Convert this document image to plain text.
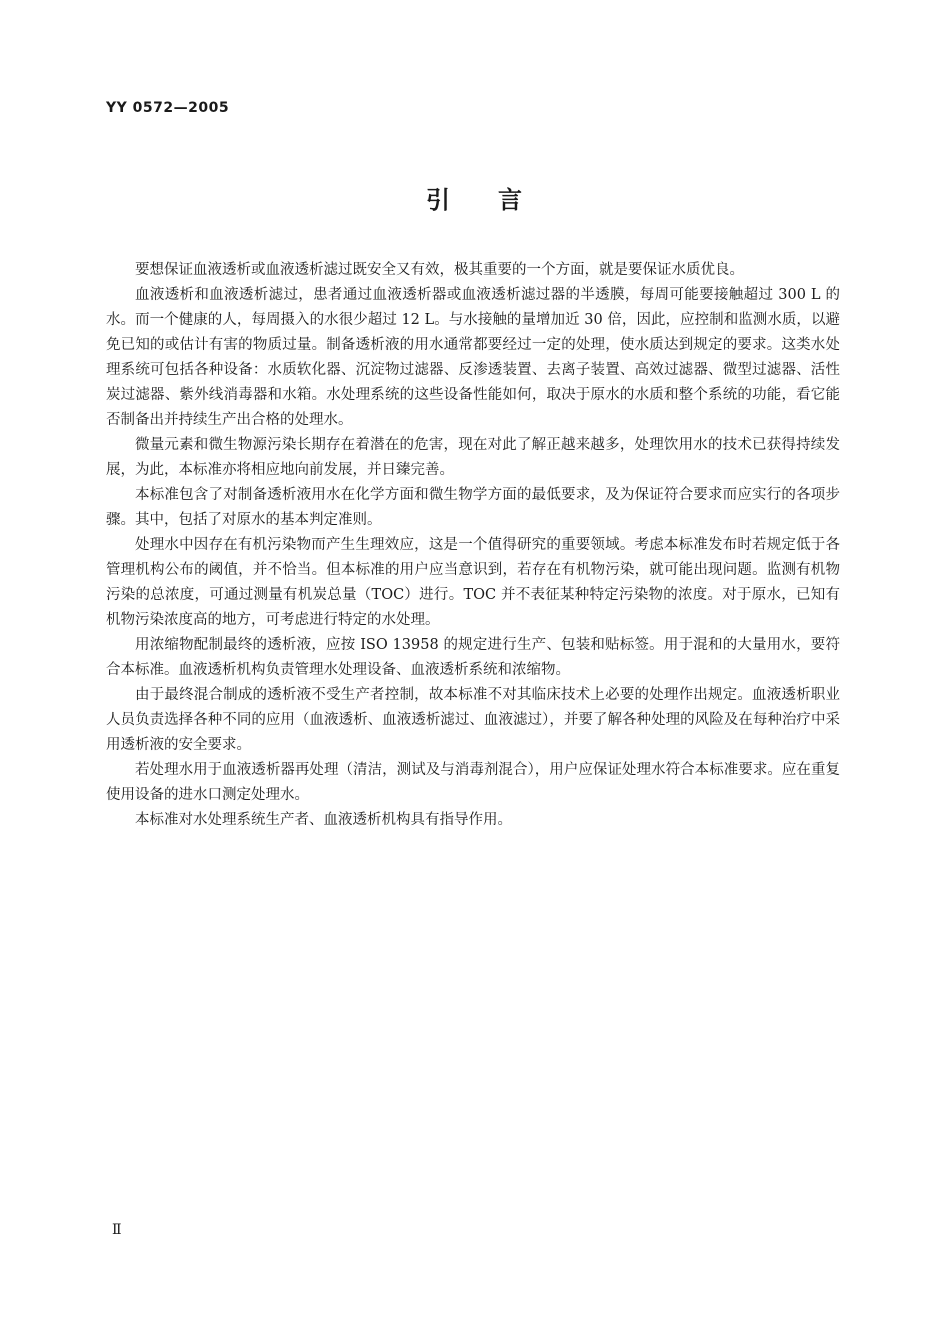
YY 0572—2005
引 言

要想保证血液透析或血液透析滤过既安全又有效，极其重要的一个方面，就是要保证水质优良。

血液透析和血液透析滤过，患者通过血液透析器或血液透析滤过器的半透膜，每周可能要接触超过 300 L 的水。而一个健康的人，每周摄入的水很少超过 12 L。与水接触的量增加近 30 倍，因此，应控制和监测水质，以避免已知的或估计有害的物质过量。制备透析液的用水通常都要经过一定的处理，使水质达到规定的要求。这类水处理系统可包括各种设备：水质软化器、沉淀物过滤器、反渗透装置、去离子装置、高效过滤器、微型过滤器、活性炭过滤器、紫外线消毒器和水箱。水处理系统的这些设备性能如何，取决于原水的水质和整个系统的功能，看它能否制备出并持续生产出合格的处理水。

微量元素和微生物源污染长期存在着潜在的危害，现在对此了解正越来越多，处理饮用水的技术已获得持续发展，为此，本标准亦将相应地向前发展，并日臻完善。

本标准包含了对制备透析液用水在化学方面和微生物学方面的最低要求，及为保证符合要求而应实行的各项步骤。其中，包括了对原水的基本判定准则。

处理水中因存在有机污染物而产生生理效应，这是一个值得研究的重要领域。考虑本标准发布时若规定低于各管理机构公布的阈值，并不恰当。但本标准的用户应当意识到，若存在有机物污染，就可能出现问题。监测有机物污染的总浓度，可通过测量有机炭总量（TOC）进行。TOC 并不表征某种特定污染物的浓度。对于原水，已知有机物污染浓度高的地方，可考虑进行特定的水处理。

用浓缩物配制最终的透析液，应按 ISO 13958 的规定进行生产、包装和贴标签。用于混和的大量用水，要符合本标准。血液透析机构负责管理水处理设备、血液透析系统和浓缩物。

由于最终混合制成的透析液不受生产者控制，故本标准不对其临床技术上必要的处理作出规定。血液透析职业人员负责选择各种不同的应用（血液透析、血液透析滤过、血液滤过），并要了解各种处理的风险及在每种治疗中采用透析液的安全要求。

若处理水用于血液透析器再处理（清洁，测试及与消毒剂混合），用户应保证处理水符合本标准要求。应在重复使用设备的进水口测定处理水。

本标准对水处理系统生产者、血液透析机构具有指导作用。

Ⅱ
